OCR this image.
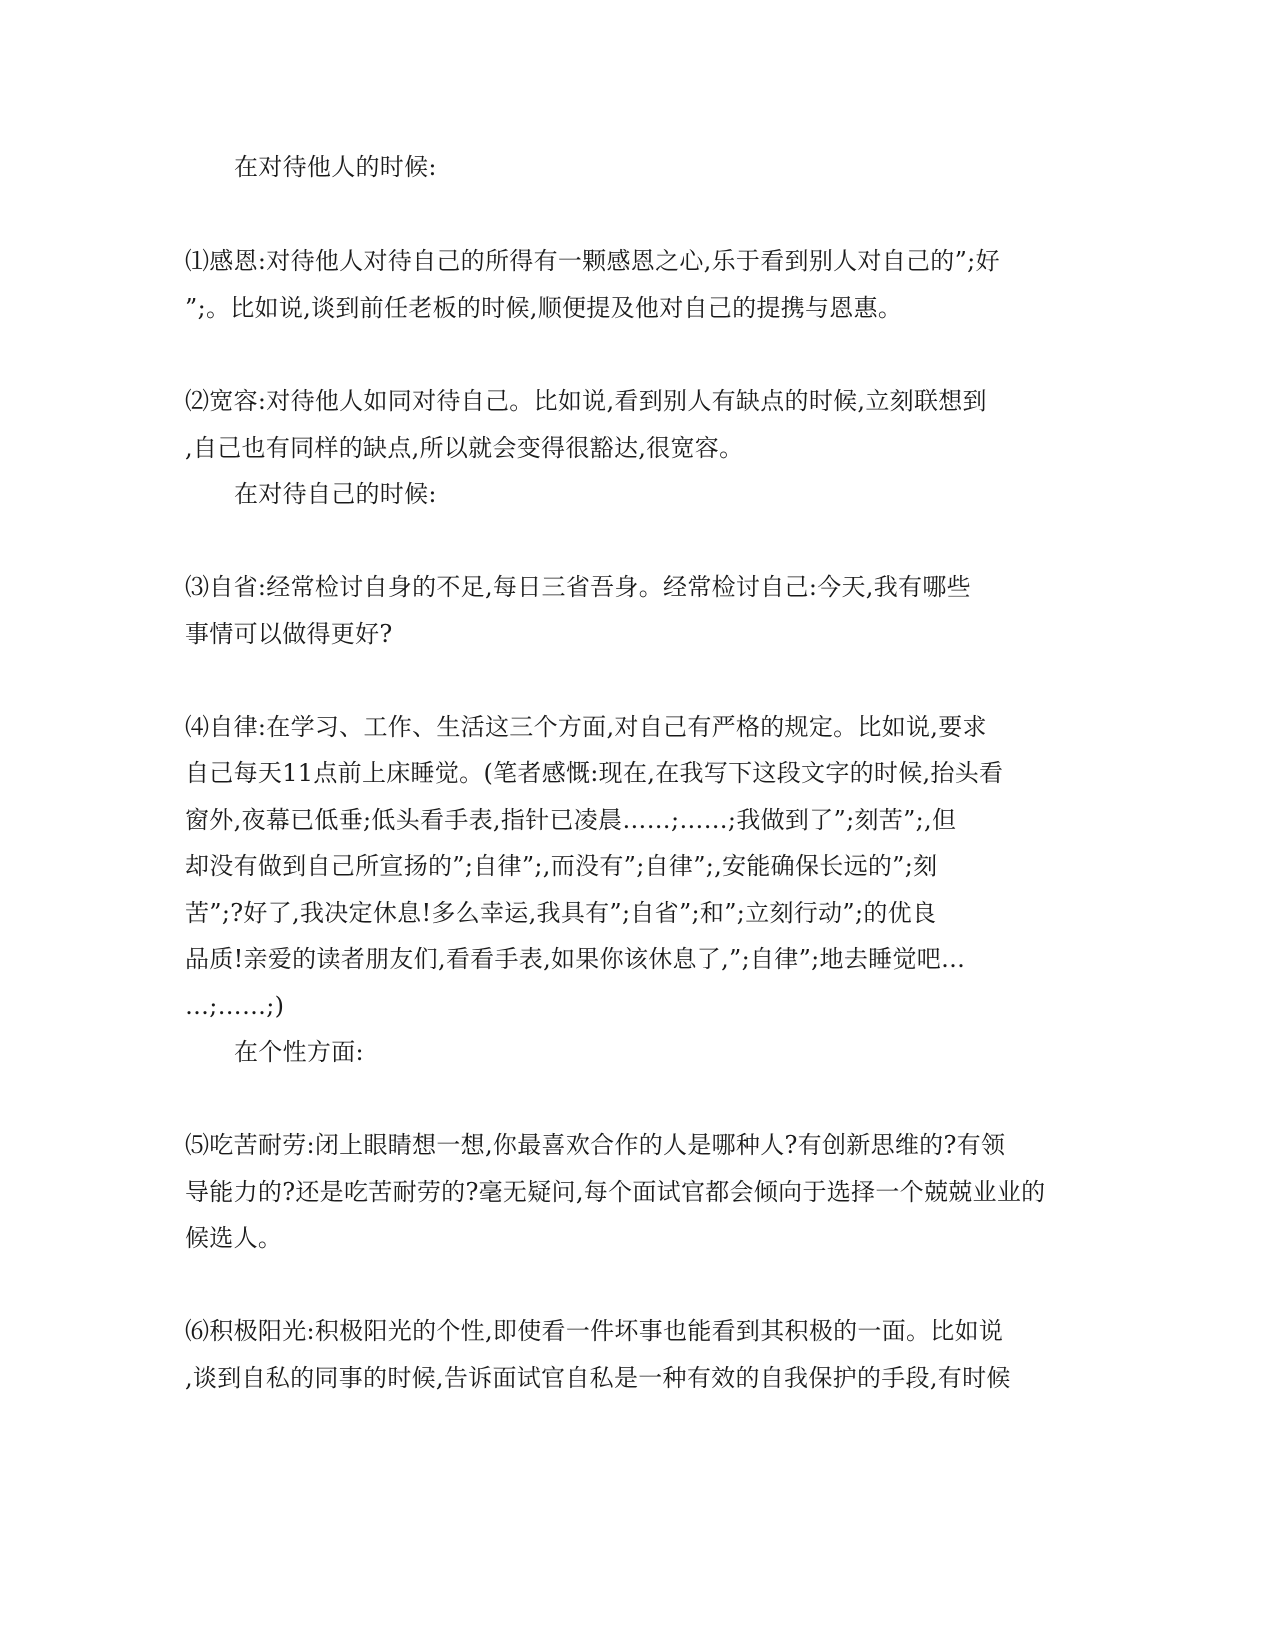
在对待他人的时候:
⑴感恩:对待他人对待自己的所得有一颗感恩之心,乐于看到别人对自己的”;好
”;。比如说,谈到前任老板的时候,顺便提及他对自己的提携与恩惠。
⑵宽容:对待他人如同对待自己。比如说,看到别人有缺点的时候,立刻联想到
,自己也有同样的缺点,所以就会变得很豁达,很宽容。
在对待自己的时候:
⑶自省:经常检讨自身的不足,每日三省吾身。经常检讨自己:今天,我有哪些
事情可以做得更好?
⑷自律:在学习、工作、生活这三个方面,对自己有严格的规定。比如说,要求
自己每天11点前上床睡觉。(笔者感慨:现在,在我写下这段文字的时候,抬头看
窗外,夜幕已低垂;低头看手表,指针已凌晨……;……;我做到了”;刻苦”;,但
却没有做到自己所宣扬的”;自律”;,而没有”;自律”;,安能确保长远的”;刻
苦”;?好了,我决定休息!多么幸运,我具有”;自省”;和”;立刻行动”;的优良
品质!亲爱的读者朋友们,看看手表,如果你该休息了,”;自律”;地去睡觉吧…
…;……;)
在个性方面:
⑸吃苦耐劳:闭上眼睛想一想,你最喜欢合作的人是哪种人?有创新思维的?有领
导能力的?还是吃苦耐劳的?毫无疑问,每个面试官都会倾向于选择一个兢兢业业的
候选人。
⑹积极阳光:积极阳光的个性,即使看一件坏事也能看到其积极的一面。比如说
,谈到自私的同事的时候,告诉面试官自私是一种有效的自我保护的手段,有时候
